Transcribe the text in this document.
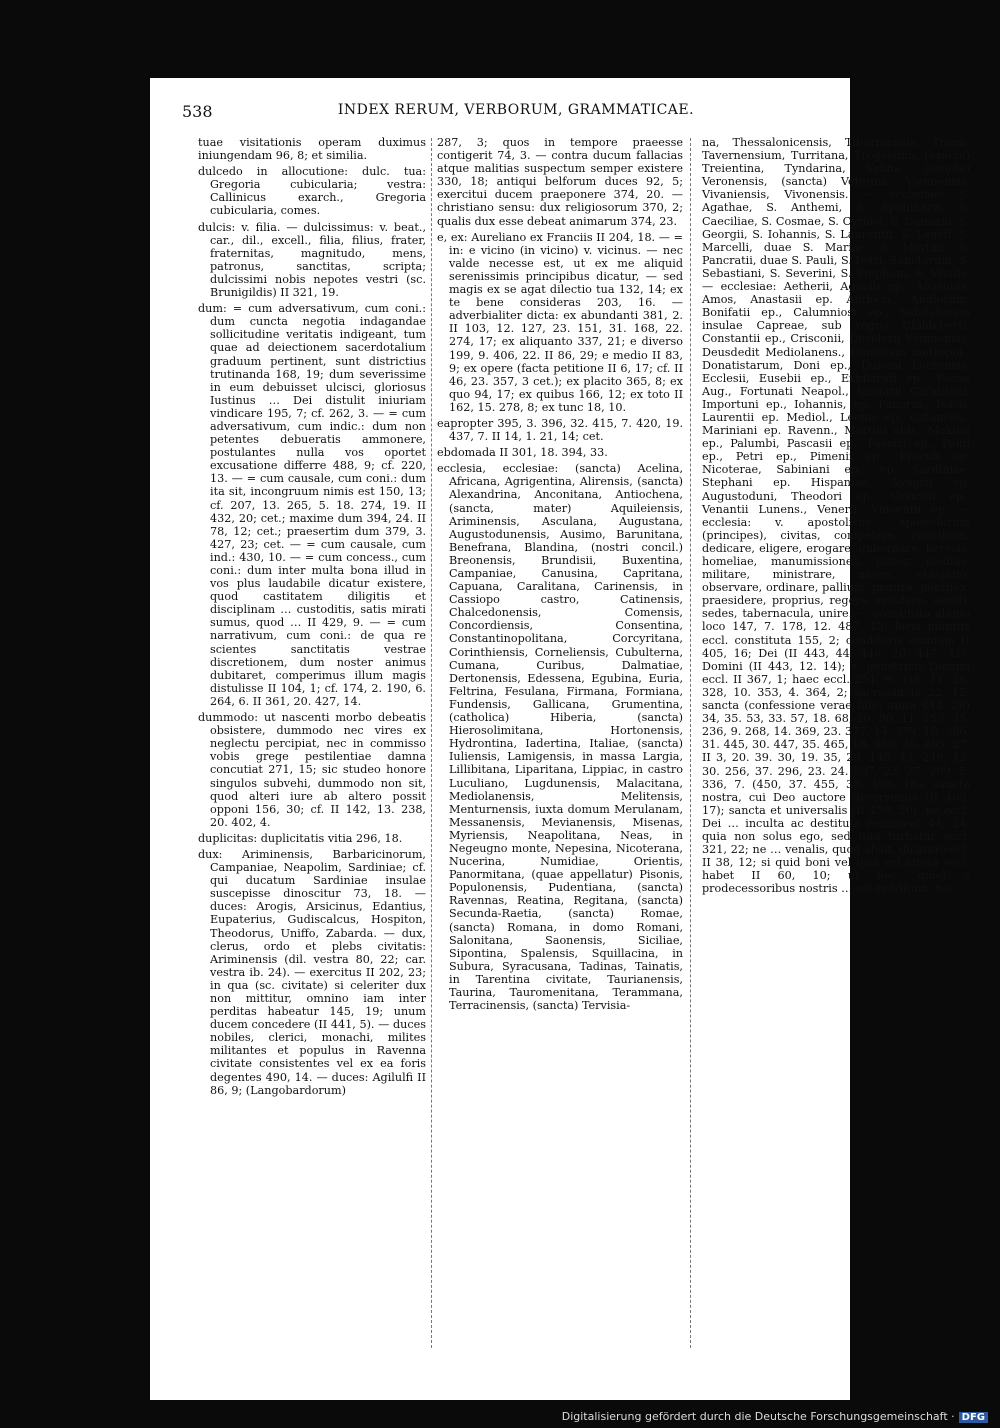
538	INDEX RERUM, VERBORUM, GRAMMATICAE.

tuae visitationis operam duximus iniungendam 96, 8; et similia.

dulcedo in allocutione: dulc. tua: Gregoria cubicularia; vestra: Callinicus exarch., Gregoria cubicularia, comes.

dulcis: v. filia. — dulcissimus: v. beat., car., dil., excell., filia, filius, frater, fraternitas, magnitudo, mens, patronus, sanctitas, scripta; dulcissimi nobis nepotes vestri (sc. Brunigildis) II 321, 19.

dum: = cum adversativum, cum coni.: dum cuncta negotia indagandae sollicitudine veritatis indigeant, tum quae ad deiectionem sacerdotalium graduum pertinent, sunt districtius trutinanda 168, 19; dum severissime in eum debuisset ulcisci, gloriosus Iustinus … Dei distulit iniuriam vindicare 195, 7; cf. 262, 3. — = cum adversativum, cum indic.: dum non petentes debueratis ammonere, postulantes nulla vos oportet excusatione differre 488, 9; cf. 220, 13. — = cum causale, cum coni.: dum ita sit, incongruum nimis est 150, 13; cf. 207, 13. 265, 5. 18. 274, 19. II 432, 20; cet.; maxime dum 394, 24. II 78, 12; cet.; praesertim dum 379, 3. 427, 23; cet. — = cum causale, cum ind.: 430, 10. — = cum concess., cum coni.: dum inter multa bona illud in vos plus laudabile dicatur existere, quod castitatem diligitis et disciplinam … custoditis, satis mirati sumus, quod … II 429, 9. — = cum narrativum, cum coni.: de qua re scientes sanctitatis vestrae discretionem, dum noster animus dubitaret, comperimus illum magis distulisse II 104, 1; cf. 174, 2. 190, 6. 264, 6. II 361, 20. 427, 14.

dummodo: ut nascenti morbo debeatis obsistere, dummodo nec vires ex neglectu percipiat, nec in commisso vobis grege pestilentiae damna concutiat 271, 15; sic studeo honore singulos subvehi, dummodo non sit, quod alteri iure ab altero possit opponi 156, 30; cf. II 142, 13. 238, 20. 402, 4.

duplicitas: duplicitatis vitia 296, 18.

dux: Ariminensis, Barbaricinorum, Campaniae, Neapolim, Sardiniae; cf. qui ducatum Sardiniae insulae suscepisse dinoscitur 73, 18. — duces: Arogis, Arsicinus, Edantius, Eupaterius, Gudiscalcus, Hospiton, Theodorus, Uniffo, Zabarda. — dux, clerus, ordo et plebs civitatis: Ariminensis (dil. vestra 80, 22; car. vestra ib. 24). — exercitus II 202, 23; in qua (sc. civitate) si celeriter dux non mittitur, omnino iam inter perditas habeatur 145, 19; unum ducem concedere (II 441, 5). — duces nobiles, clerici, monachi, milites militantes et populus in Ravenna civitate consistentes vel ex ea foris degentes 490, 14. — duces: Agilulfi II 86, 9; (Langobardorum)

287, 3; quos in tempore praeesse contigerit 74, 3. — contra ducum fallacias atque malitias suspectum semper existere 330, 18; antiqui belforum duces 92, 5; exercitui ducem praeponere 374, 20. — christiano sensu: dux religiosorum 370, 2; qualis dux esse debeat animarum 374, 23.

e, ex: Aureliano ex Franciis II 204, 18. — = in: e vicino (in vicino) v. vicinus. — nec valde necesse est, ut ex me aliquid serenissimis principibus dicatur, — sed magis ex se agat dilectio tua 132, 14; ex te bene consideras 203, 16. — adverbialiter dicta: ex abundanti 381, 2. II 103, 12. 127, 23. 151, 31. 168, 22. 274, 17; ex aliquanto 337, 21; e diverso 199, 9. 406, 22. II 86, 29; e medio II 83, 9; ex opere (facta petitione II 6, 17; cf. II 46, 23. 357, 3 cet.); ex placito 365, 8; ex quo 94, 17; ex quibus 166, 12; ex toto II 162, 15. 278, 8; ex tunc 18, 10.

eapropter 395, 3. 396, 32. 415, 7. 420, 19. 437, 7. II 14, 1. 21, 14; cet.

ebdomada II 301, 18. 394, 33.

ecclesia, ecclesiae: (sancta) Acelina, Africana, Agrigentina, Alirensis, (sancta) Alexandrina, Anconitana, Antiochena, (sancta, mater) Aquileiensis, Ariminensis, Asculana, Augustana, Augustodunensis, Ausimo, Barunitana, Benefrana, Blandina, (nostri concil.) Breonensis, Brundisii, Buxentina, Campaniae, Canusina, Capritana, Capuana, Caralitana, Carinensis, in Cassiopo castro, Catinensis, Chalcedonensis, Comensis, Concordiensis, Consentina, Constantinopolitana, Corcyritana, Corinthiensis, Corneliensis, Cubulterna, Cumana, Curibus, Dalmatiae, Dertonensis, Edessena, Egubina, Euria, Feltrina, Fesulana, Firmana, Formiana, Fundensis, Gallicana, Grumentina, (catholica) Hiberia, (sancta) Hierosolimitana, Hortonensis, Hydrontina, Iadertina, Italiae, (sancta) Iuliensis, Lamigensis, in massa Largia, Lillibitana, Liparitana, Lippiac, in castro Luculiano, Lugdunensis, Malacitana, Mediolanensis, Melitensis, Menturnensis, iuxta domum Merulanam, Messanensis, Mevianensis, Misenas, Myriensis, Neapolitana, Neas, in Negeugno monte, Nepesina, Nicoterana, Nucerina, Numidiae, Orientis, Panormitana, (quae appellatur) Pisonis, Populonensis, Pudentiana, (sancta) Ravennas, Reatina, Regitana, (sancta) Secunda-Raetia, (sancta) Romae, (sancta) Romana, in domo Romani, Salonitana, Saonensis, Siciliae, Sipontina, Spalensis, Squillacina, in Subura, Syracusana, Tadinas, Tainatis, in Tarentina civitate, Taurianensis, Taurina, Tauromenitana, Terammana, Terracinensis, (sancta) Tervisia-

na, Thessalonicensis, Tiburniensis, Trium-Tavernensium, Turritana, Tregestina, (sancta) Treientina, Tyndarina, Velina, (sancta) Veronensis, (sancta) Vetetina, Viennensis, Vivaniensis, Vivonensis. — ecclesiae: S. Agathae, S. Anthemi, S. Apollinaris, S. Caeciliae, S. Cosmae, S. Cyriaci, S. Damiani, S. Georgii, S. Iohannis, S. Laurentii, S. Leucii, S. Marcelli, duae S. Mariae, S. Martini, S. Pancratii, duae S. Pauli, S. Petri, Sanctorum, S. Sebastiani, S. Severini, S. Stephani, S. Vitalis. — ecclesiae: Aetherii, Agnelli ep., Alcisonis, Amos, Anastasii ep. Antioch., Anglorum, Bonifatii ep., Calumniosi ep., habitatorum insulae Capreae, sub regno Childeberti, Constantii ep., Crisconii, Desiderii Viennensis, Deusdedit Mediolanens., Domitiani metropol., Donatistarum, Doni ep., Dulcini Locrensis, Ecclesii, Eusebii ep., Exhilarati ep., Focae Aug., Fortunati Neapol., Ianuarii Caralitani, Importuni ep., Iohannis, ep. Panorm., Isacii, Laurentii ep. Mediol., Leonis ep. Catanens., Mariniani ep. Ravenn., Martini abb., Maximi ep., Palumbi, Pascasii ep., Passivi ep., Pauli ep., Petri ep., Pimenii ep., Proculi ep. Nicoterae, Sabiniani ep., ep. Sardiniae, Stephani ep. Hispaniae, Syagrii ep. Augustoduni, Theodori ep., Ursicini ep., Venantii Lunens., Venerii, Vincentii ep. — ecclesia: v. apostolicus, apostolorum (principes), civitas, competere, concilium, dedicare, eligere, erogare, gubernare, heresis, homeliae, manumissiones, mater, medius, militare, ministrare, naves, obligatio, observare, ordinare, pallium, pictura, pontifex, praesidere, proprius, regere, residere, sancti, sedes, tabernacula, unire. — constituta aliquo loco 147, 7. 178, 12. 487, 13; locis munitis eccl. constituta 155, 2; conditoris omnium II 405, 16; Dei (II 443, 44. 446, 20. 447, 41); Domini (II 443, 12. 14); s. genetricis Domini eccl. II 367, 1; haec eccl. 251, 9. 316, 11. 26. 328, 10. 353, 4. 364, 2; sacrosancta 22, 15; sancta (confessione verae fidei unita 444, 26) 34, 35. 53, 33. 57, 18. 68, 10. 90, 11. 153, 35. 236, 9. 268, 14. 369, 23. 377, 14. 379, 18. 386, 31. 445, 30. 447, 35. 465, 18. 480, 35. 485, 27. II 3, 20. 39. 30, 19. 35, 29. 145, 13. 249, 12. 30. 256, 37. 296, 23. 24. 297, 23. 27. 299, 5. 336, 7. (450, 37. 455, 38. 466, 18); sancta nostra, cui Deo auctore deservimus (II 468, 17); sancta et universalis (II 450, 20); ne eccl. Dei … inculta ac destituta remaneat 44, 24; quia non solus ego, sed tota turbatur eccl. 321, 22; ne … venalis, quod absit, dicatur eccl. II 38, 12; si quid boni vel ipsa vel altera eccl. habet II 60, 10; ut hoc, quod a prodecessoribus nostris … est redditum, no-

Digitalisierung gefördert durch die Deutsche Forschungsgemeinschaft · DFG
